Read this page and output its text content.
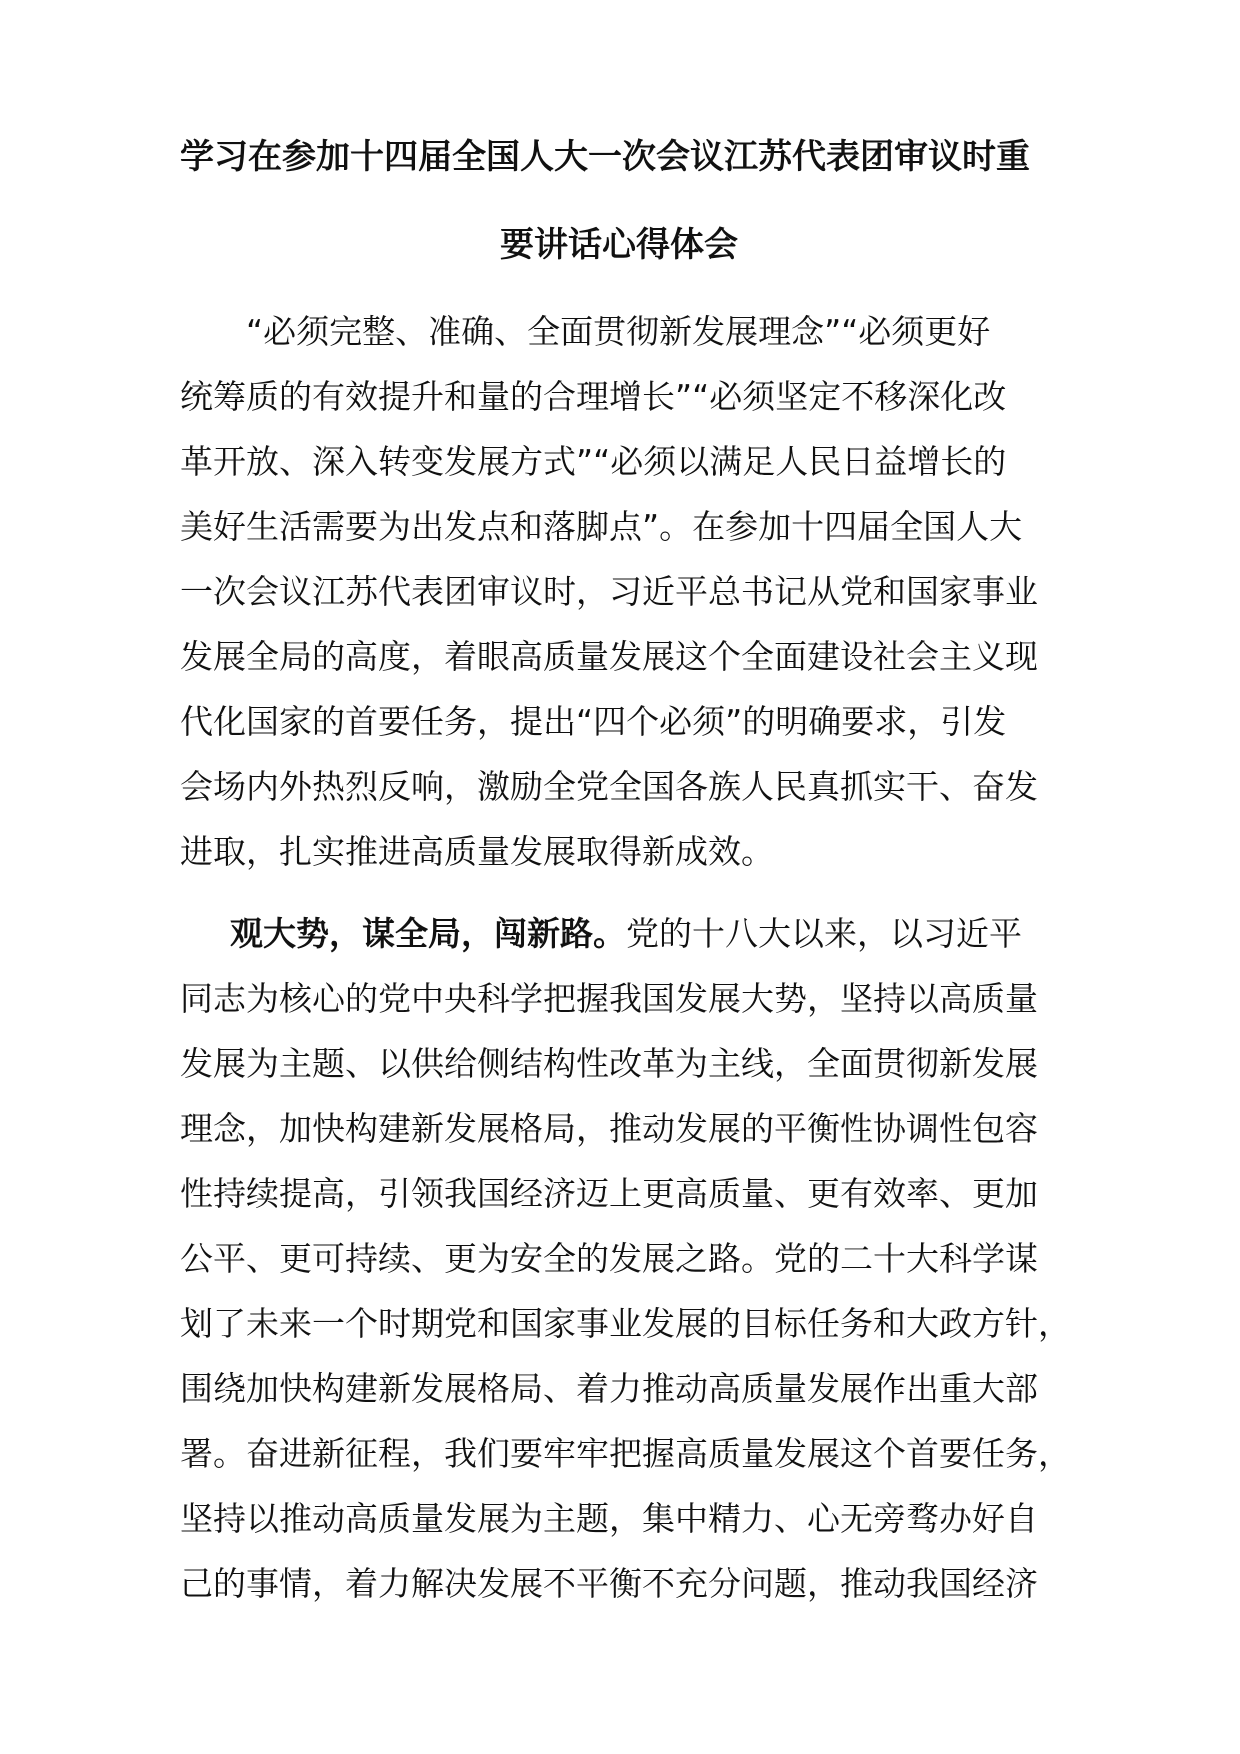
学习在参加十四届全国人大一次会议江苏代表团审议时重
要讲话心得体会
“必须完整、准确、全面贯彻新发展理念”“必须更好
统筹质的有效提升和量的合理增长”“必须坚定不移深化改
革开放、深入转变发展方式”“必须以满足人民日益增长的
美好生活需要为出发点和落脚点”。在参加十四届全国人大
一次会议江苏代表团审议时，习近平总书记从党和国家事业
发展全局的高度，着眼高质量发展这个全面建设社会主义现
代化国家的首要任务，提出“四个必须”的明确要求，引发
会场内外热烈反响，激励全党全国各族人民真抓实干、奋发
进取，扎实推进高质量发展取得新成效。
观大势，谋全局，闯新路。党的十八大以来，以习近平
同志为核心的党中央科学把握我国发展大势，坚持以高质量
发展为主题、以供给侧结构性改革为主线，全面贯彻新发展
理念，加快构建新发展格局，推动发展的平衡性协调性包容
性持续提高，引领我国经济迈上更高质量、更有效率、更加
公平、更可持续、更为安全的发展之路。党的二十大科学谋
划了未来一个时期党和国家事业发展的目标任务和大政方针，
围绕加快构建新发展格局、着力推动高质量发展作出重大部
署。奋进新征程，我们要牢牢把握高质量发展这个首要任务，
坚持以推动高质量发展为主题，集中精力、心无旁骛办好自
己的事情，着力解决发展不平衡不充分问题，推动我国经济
